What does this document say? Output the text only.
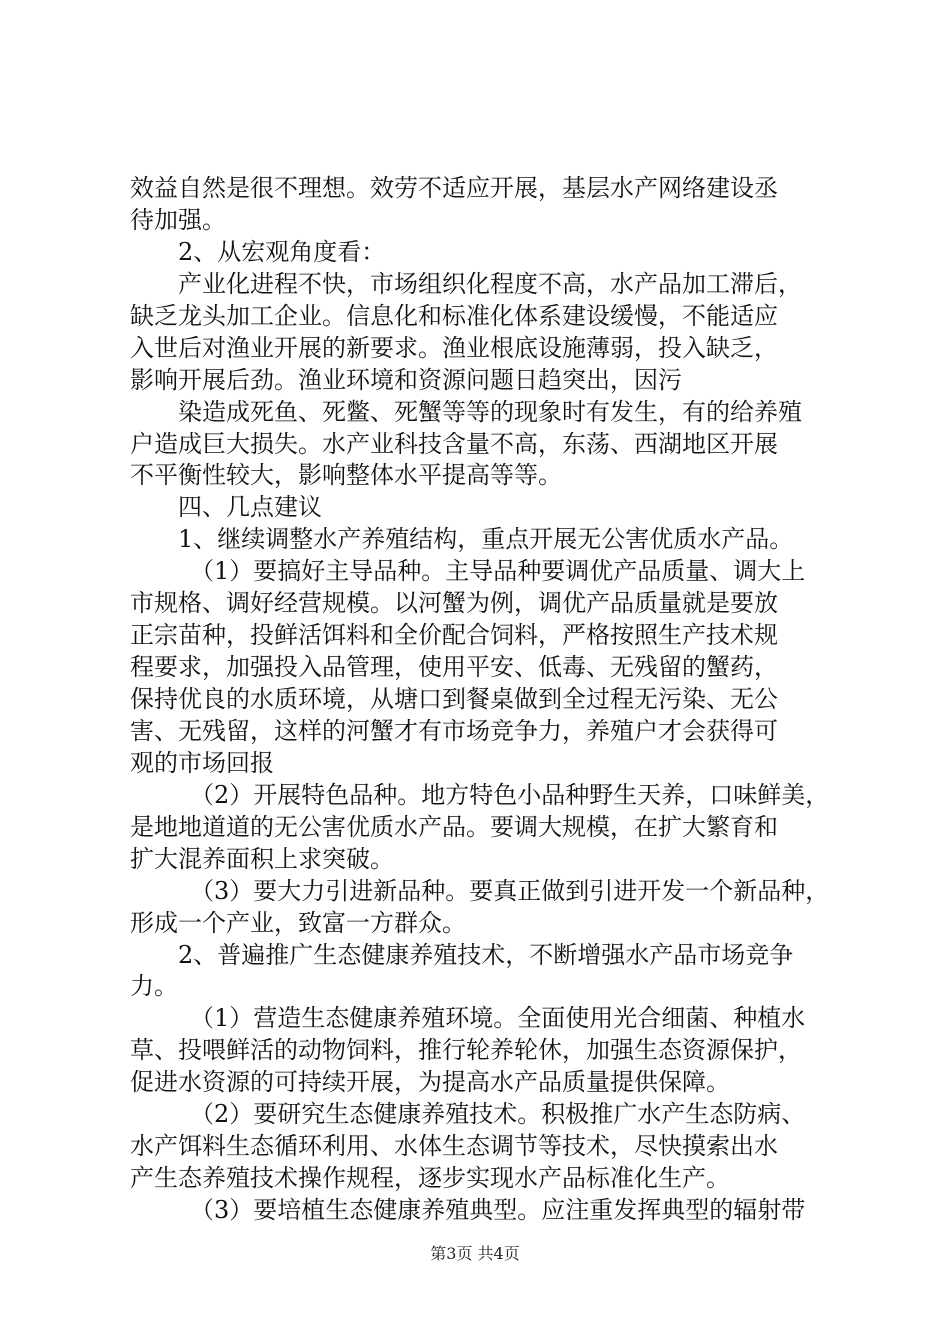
效益自然是很不理想。效劳不适应开展，基层水产网络建设丞
待加强。
2、从宏观角度看：
产业化进程不快，市场组织化程度不高，水产品加工滞后，
缺乏龙头加工企业。信息化和标准化体系建设缓慢，不能适应
入世后对渔业开展的新要求。渔业根底设施薄弱，投入缺乏，
影响开展后劲。渔业环境和资源问题日趋突出，因污
染造成死鱼、死鳖、死蟹等等的现象时有发生，有的给养殖
户造成巨大损失。水产业科技含量不高，东荡、西湖地区开展
不平衡性较大，影响整体水平提高等等。
四、几点建议
1、继续调整水产养殖结构，重点开展无公害优质水产品。
（1）要搞好主导品种。主导品种要调优产品质量、调大上
市规格、调好经营规模。以河蟹为例，调优产品质量就是要放
正宗苗种，投鲜活饵料和全价配合饲料，严格按照生产技术规
程要求，加强投入品管理，使用平安、低毒、无残留的蟹药，
保持优良的水质环境，从塘口到餐桌做到全过程无污染、无公
害、无残留，这样的河蟹才有市场竞争力，养殖户才会获得可
观的市场回报
（2）开展特色品种。地方特色小品种野生天养，口味鲜美，
是地地道道的无公害优质水产品。要调大规模，在扩大繁育和
扩大混养面积上求突破。
（3）要大力引进新品种。要真正做到引进开发一个新品种，
形成一个产业，致富一方群众。
2、普遍推广生态健康养殖技术，不断增强水产品市场竞争
力。
（1）营造生态健康养殖环境。全面使用光合细菌、种植水
草、投喂鲜活的动物饲料，推行轮养轮休，加强生态资源保护，
促进水资源的可持续开展，为提高水产品质量提供保障。
（2）要研究生态健康养殖技术。积极推广水产生态防病、
水产饵料生态循环利用、水体生态调节等技术，尽快摸索出水
产生态养殖技术操作规程，逐步实现水产品标准化生产。
（3）要培植生态健康养殖典型。应注重发挥典型的辐射带
第3页 共4页
